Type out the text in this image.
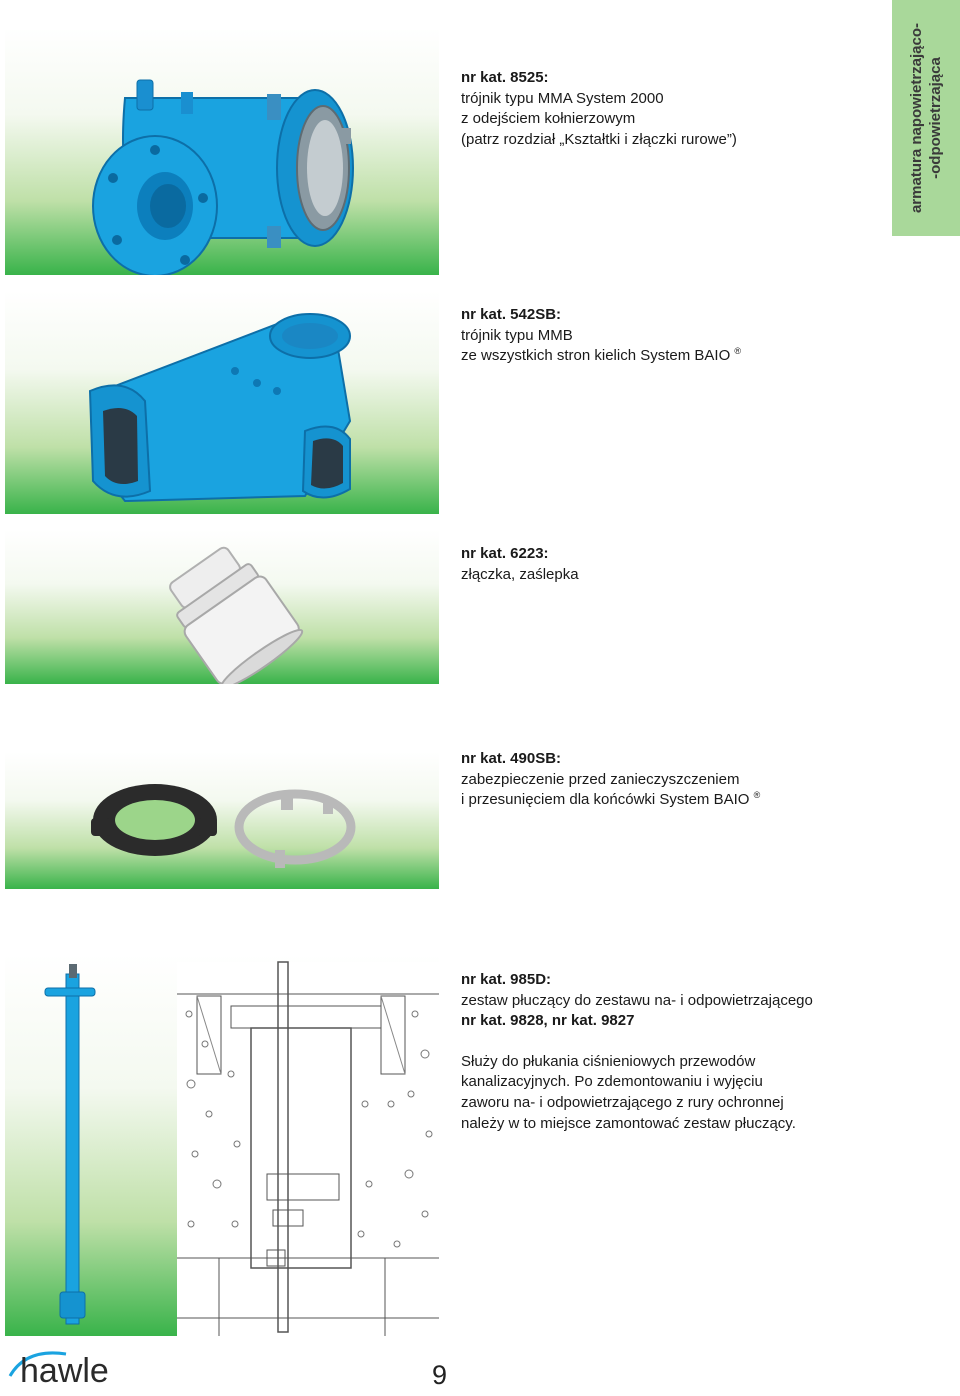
armatura napowietrzająco- -odpowietrzająca
nr kat. 8525:
trójnik typu MMA System 2000
z odejściem kołnierzowym
(patrz rozdział „Kształtki i złączki rurowe”)
nr kat. 542SB:
trójnik typu MMB
ze wszystkich stron kielich System BAIO ®
nr kat. 6223:
złączka, zaślepka
nr kat. 490SB:
zabezpieczenie przed zanieczyszczeniem
i przesunięciem dla końcówki System BAIO ®
nr kat. 985D:
zestaw płuczący do zestawu na- i odpowietrzającego
nr kat. 9828, nr kat. 9827
Służy do płukania ciśnieniowych przewodów
kanalizacyjnych. Po zdemontowaniu i wyjęciu
zaworu na- i odpowietrzającego z rury ochronnej
należy w to miejsce zamontować zestaw płuczący.
hawle	9
